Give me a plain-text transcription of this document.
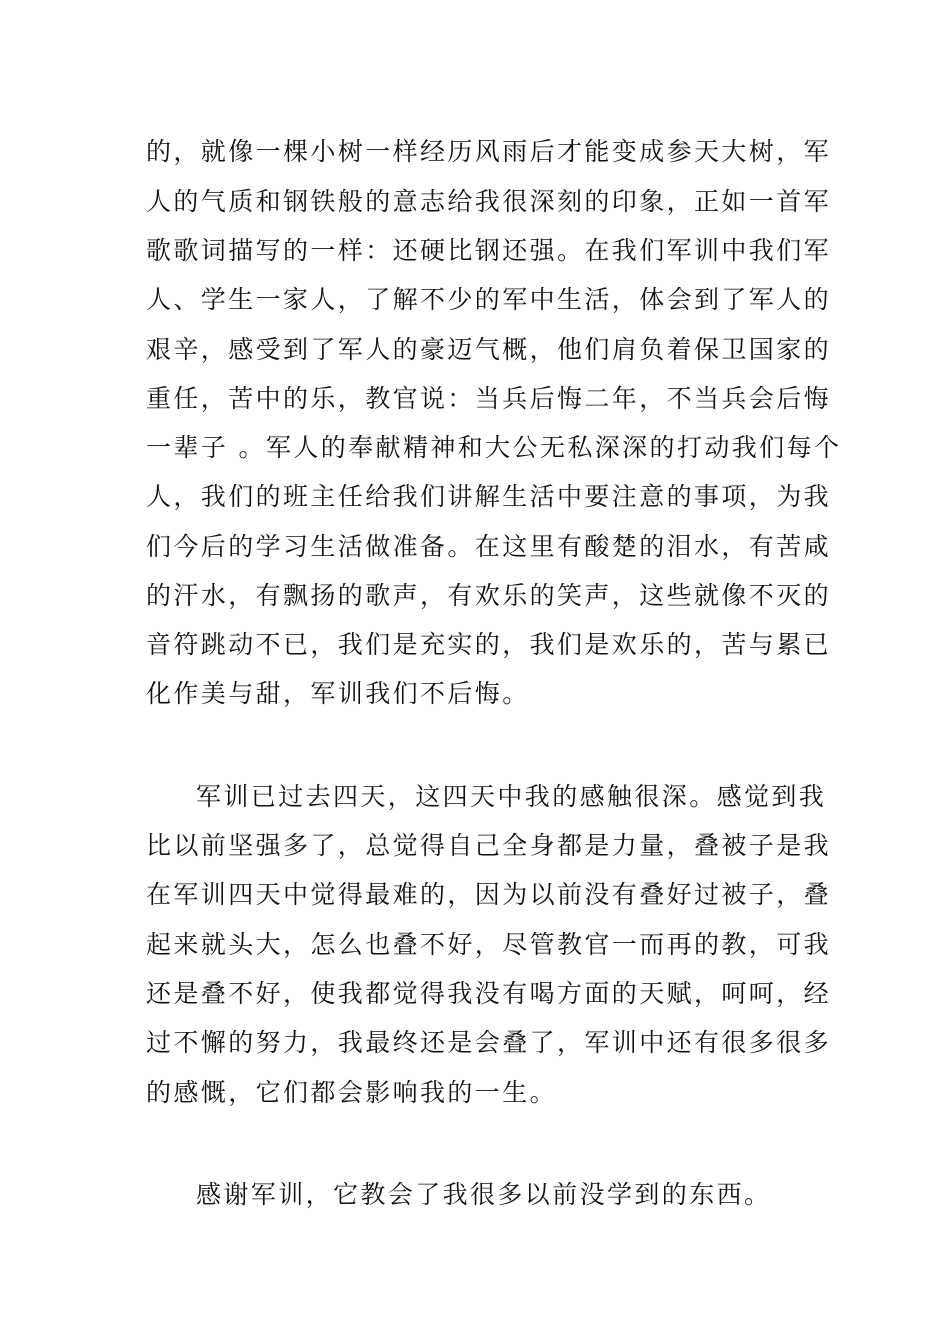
的，就像一棵小树一样经历风雨后才能变成参天大树，军

人的气质和钢铁般的意志给我很深刻的印象，正如一首军

歌歌词描写的一样：还硬比钢还强。在我们军训中我们军

人、学生一家人，了解不少的军中生活，体会到了军人的

艰辛，感受到了军人的豪迈气概，他们肩负着保卫国家的

重任，苦中的乐，教官说：当兵后悔二年，不当兵会后悔

一辈子 。军人的奉献精神和大公无私深深的打动我们每个

人，我们的班主任给我们讲解生活中要注意的事项，为我

们今后的学习生活做准备。在这里有酸楚的泪水，有苦咸

的汗水，有飘扬的歌声，有欢乐的笑声，这些就像不灭的

音符跳动不已，我们是充实的，我们是欢乐的，苦与累已

化作美与甜，军训我们不后悔。

军训已过去四天，这四天中我的感触很深。感觉到我

比以前坚强多了，总觉得自己全身都是力量，叠被子是我

在军训四天中觉得最难的，因为以前没有叠好过被子，叠

起来就头大，怎么也叠不好，尽管教官一而再的教，可我

还是叠不好，使我都觉得我没有喝方面的天赋，呵呵，经

过不懈的努力，我最终还是会叠了，军训中还有很多很多

的感慨，它们都会影响我的一生。

感谢军训，它教会了我很多以前没学到的东西。
